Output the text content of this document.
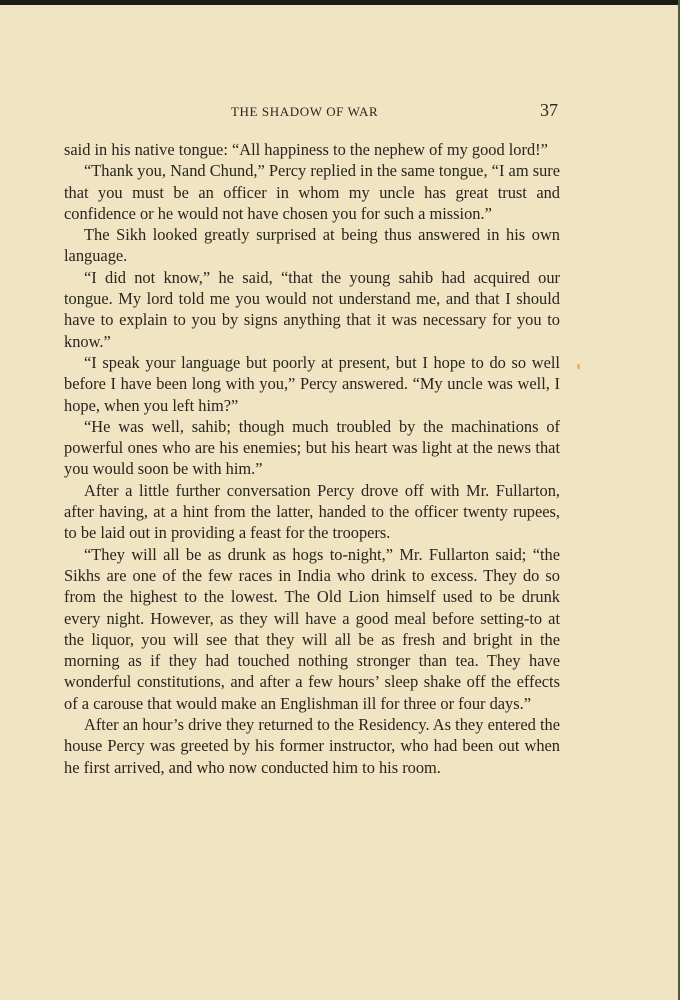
THE SHADOW OF WAR	37

said in his native tongue: “All happiness to the nephew of my good lord!”

“Thank you, Nand Chund,” Percy replied in the same tongue, “I am sure that you must be an officer in whom my uncle has great trust and confidence or he would not have chosen you for such a mission.”

The Sikh looked greatly surprised at being thus answered in his own language.

“I did not know,” he said, “that the young sahib had acquired our tongue. My lord told me you would not understand me, and that I should have to explain to you by signs anything that it was necessary for you to know.”

“I speak your language but poorly at present, but I hope to do so well before I have been long with you,” Percy answered. “My uncle was well, I hope, when you left him?”

“He was well, sahib; though much troubled by the machinations of powerful ones who are his enemies; but his heart was light at the news that you would soon be with him.”

After a little further conversation Percy drove off with Mr. Fullarton, after having, at a hint from the latter, handed to the officer twenty rupees, to be laid out in providing a feast for the troopers.

“They will all be as drunk as hogs to-night,” Mr. Fullarton said; “the Sikhs are one of the few races in India who drink to excess. They do so from the highest to the lowest. The Old Lion himself used to be drunk every night. However, as they will have a good meal before setting-to at the liquor, you will see that they will all be as fresh and bright in the morning as if they had touched nothing stronger than tea. They have wonderful constitutions, and after a few hours’ sleep shake off the effects of a carouse that would make an Englishman ill for three or four days.”

After an hour’s drive they returned to the Residency. As they entered the house Percy was greeted by his former instructor, who had been out when he first arrived, and who now conducted him to his room.
